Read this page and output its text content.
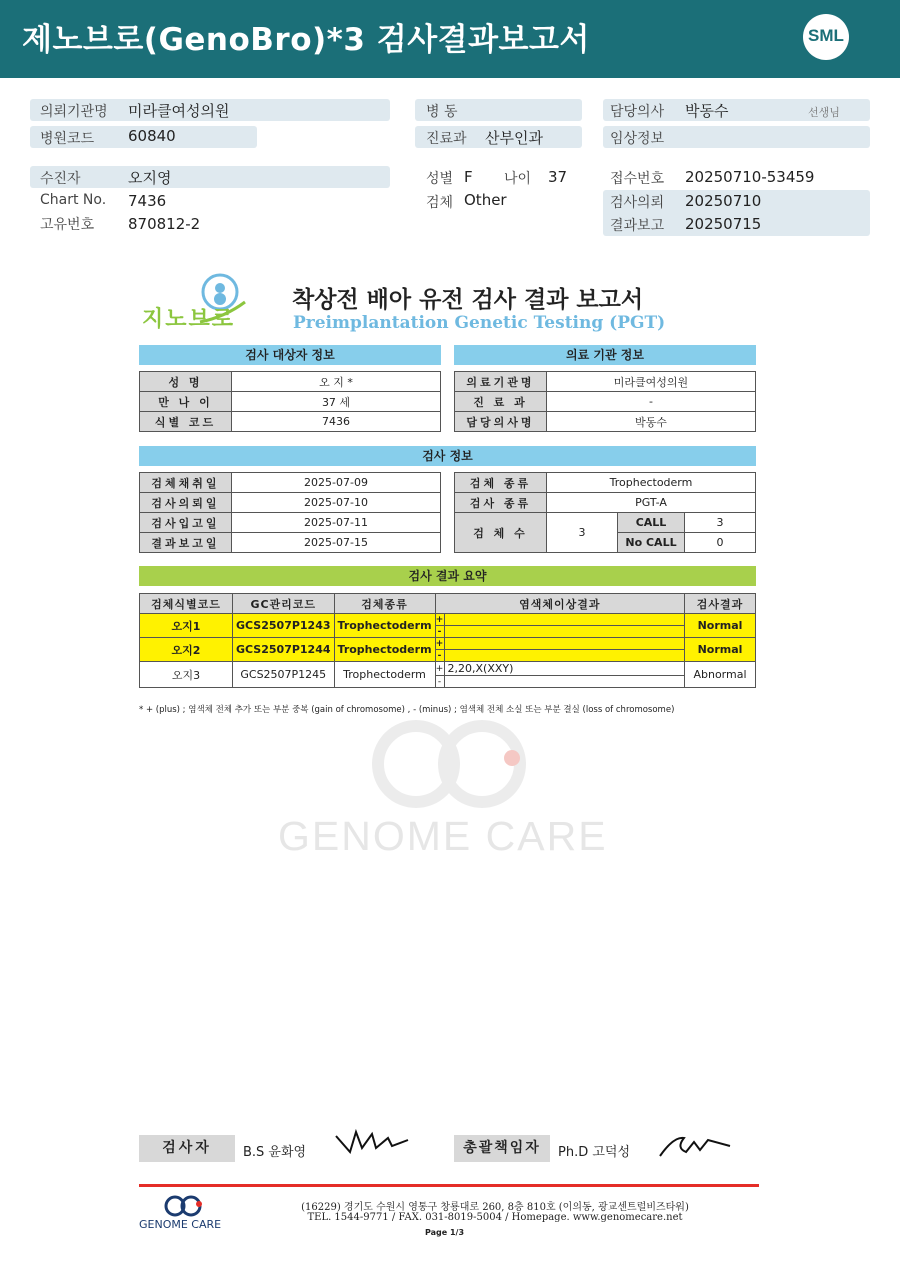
제노브로(GenoBro)*3 검사결과보고서	SML
의뢰기관명 미라클여성의원
병원코드 60840
병 동
진료과 산부인과
담당의사 박동수	선생님
임상정보
수진자	오지영
Chart No. 7436
고유번호 870812-2
성별 F 나이 37
검체 Other
접수번호 20250710-53459
검사의뢰 20250710
결과보고 20250715
지노브로
착상전 배아 유전 검사 결과 보고서
Preimplantation Genetic Testing (PGT)
검사 대상자 정보	의료 기관 정보
성 명	오 지 *
만 나 이	37 세
식별 코드	7436
의료기관명	미라클여성의원
진 료 과	-
담당의사명	박동수
검사 정보
검체채취일	2025-07-09
검사의뢰일	2025-07-10
검사입고일	2025-07-11
결과보고일	2025-07-15
검체 종류	Trophectoderm		
검사 종류	PGT-A		
검 체 수	3	CALL	3
		No CALL	0
검사 결과 요약
검체식별코드	GC관리코드	검체종류	염색체이상결과		검사결과
오지1	GCS2507P1243	Trophectoderm	+		Normal
			-		
오지2	GCS2507P1244	Trophectoderm	+		Normal
			-		
오지3	GCS2507P1245	Trophectoderm	+	2,20,X(XXY)	Abnormal
			-		
* + (plus) ; 염색체 전체 추가 또는 부분 중복 (gain of chromosome) , - (minus) ; 염색체 전체 소실 또는 부분 결실 (loss of chromosome)
GENOME CARE
검사자	B.S 윤화영	총괄책임자	Ph.D 고덕성
GENOME CARE
(16229) 경기도 수원시 영통구 창룡대로 260, 8층 810호 (이의동, 광교센트럴비즈타워)
TEL. 1544-9771 / FAX. 031-8019-5004 / Homepage. www.genomecare.net
Page 1/3
